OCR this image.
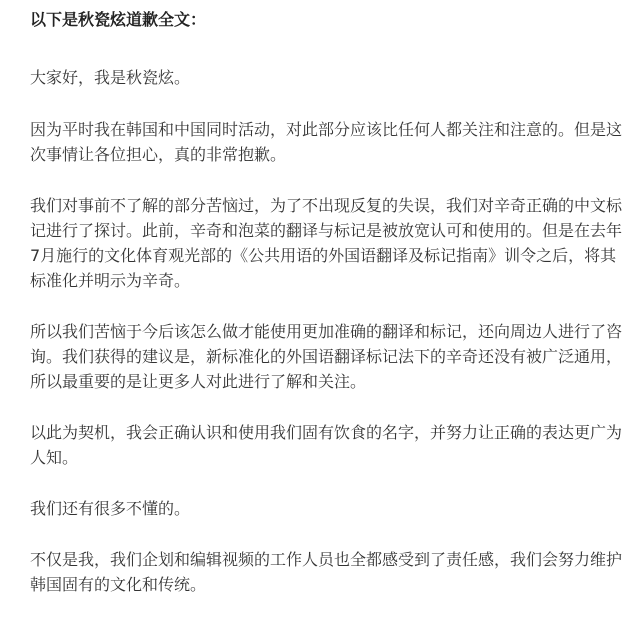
以下是秋瓷炫道歉全文：

大家好，我是秋瓷炫。

因为平时我在韩国和中国同时活动，对此部分应该比任何人都关注和注意的。但是这次事情让各位担心，真的非常抱歉。

我们对事前不了解的部分苦恼过，为了不出现反复的失误，我们对辛奇正确的中文标记进行了探讨。此前，辛奇和泡菜的翻译与标记是被放宽认可和使用的。但是在去年7月施行的文化体育观光部的《公共用语的外国语翻译及标记指南》训令之后，将其标准化并明示为辛奇。

所以我们苦恼于今后该怎么做才能使用更加准确的翻译和标记，还向周边人进行了咨询。我们获得的建议是，新标准化的外国语翻译标记法下的辛奇还没有被广泛通用，所以最重要的是让更多人对此进行了解和关注。

以此为契机，我会正确认识和使用我们固有饮食的名字，并努力让正确的表达更广为人知。

我们还有很多不懂的。

不仅是我，我们企划和编辑视频的工作人员也全都感受到了责任感，我们会努力维护韩国固有的文化和传统。
